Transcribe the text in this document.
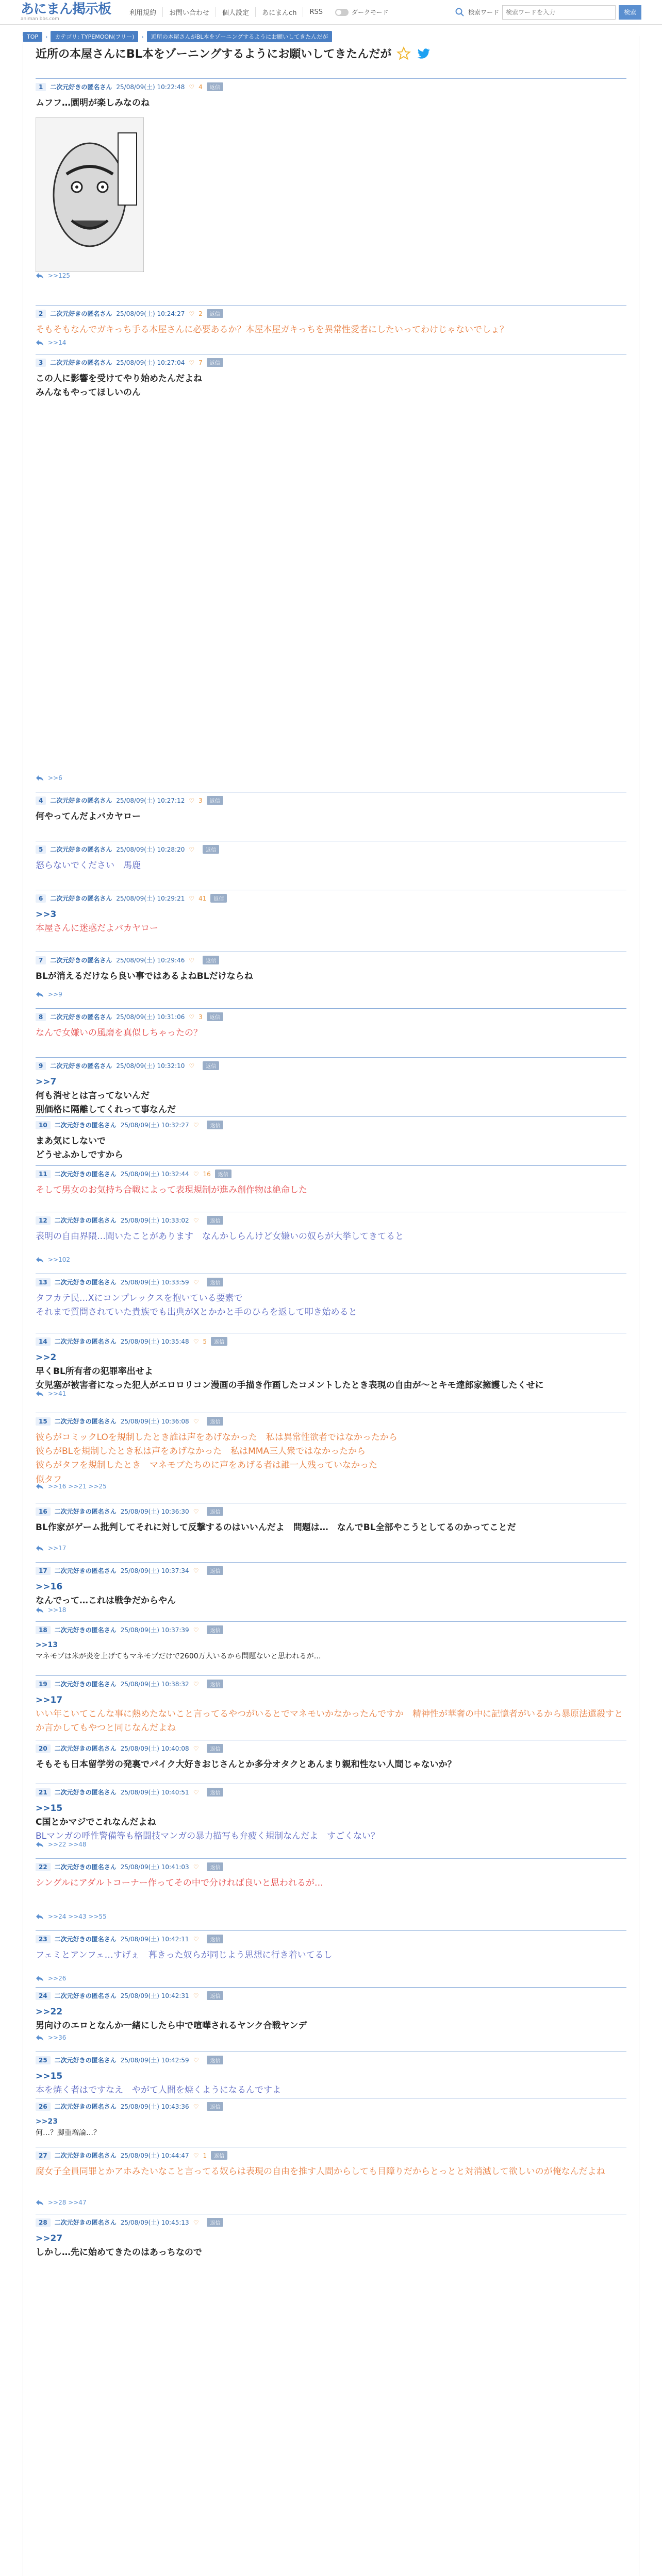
あにまん掲示板
animan bbs.com
利用規約	お問い合わせ	個人設定	あにまんch	RSS	ダークモード	検索ワード
検索ワードを入力	検索
TOP	›	カテゴリ: TYPEMOON(フリー)	›	近所の本屋さんがBL本をゾーニングするようにお願いしてきたんだが
近所の本屋さんにBL本をゾーニングするようにお願いしてきたんだが
1	二次元好きの匿名さん 25/08/09(土) 10:22:48 ♡ 4	返信
ムフフ…園明が楽しみなのね
>>125
2	二次元好きの匿名さん 25/08/09(土) 10:24:27 ♡ 2	返信
そもそもなんでガキっち手る本屋さんに必要あるか？本屋本屋ガキっちを異常性愛者にしたいってわけじゃないでしょ？
>>14
3	二次元好きの匿名さん 25/08/09(土) 10:27:04 ♡ 7	返信
この人に影響を受けてやり始めたんだよね
みんなもやってほしいのん
>>6
4	二次元好きの匿名さん 25/08/09(土) 10:27:12 ♡ 3	返信
何やってんだよバカヤロー
5	二次元好きの匿名さん 25/08/09(土) 10:28:20 ♡	返信
怒らないでください　馬鹿
6	二次元好きの匿名さん 25/08/09(土) 10:29:21 ♡ 41	返信
>>3
本屋さんに迷惑だよバカヤロー
7	二次元好きの匿名さん 25/08/09(土) 10:29:46 ♡	返信
BLが消えるだけなら良い事ではあるよねBLだけならね
>>9
8	二次元好きの匿名さん 25/08/09(土) 10:31:06 ♡ 3	返信
なんで女嫌いの風磨を真似しちゃったの？
9	二次元好きの匿名さん 25/08/09(土) 10:32:10 ♡	返信
>>7
何も消せとは言ってないんだ
別価格に隔離してくれって事なんだ
10	二次元好きの匿名さん 25/08/09(土) 10:32:27 ♡	返信
まあ気にしないで
どうせふかしですから
11	二次元好きの匿名さん 25/08/09(土) 10:32:44 ♡ 16	返信
そして男女のお気持ち合戦によって表現規制が進み創作物は絶命した
12	二次元好きの匿名さん 25/08/09(土) 10:33:02 ♡	返信
表明の自由界隈…聞いたことがあります　なんかしらんけど女嫌いの奴らが大挙してきてると
>>102
13	二次元好きの匿名さん 25/08/09(土) 10:33:59 ♡	返信
タフカテ民…Xにコンプレックスを抱いている要素で
それまで質問されていた貴族でも出典がXとかかと手のひらを返して叩き始めると
14	二次元好きの匿名さん 25/08/09(土) 10:35:48 ♡ 5	返信
>>2
早くBL所有者の犯罪率出せよ
女児塞が被害者になった犯人がエロロリコン漫画の手描き作画したコメントしたとき表現の自由が～とキモ達郎家擁護したくせに
>>41
15	二次元好きの匿名さん 25/08/09(土) 10:36:08 ♡	返信
彼らがコミックLOを規制したとき誰は声をあげなかった　私は異常性欲者ではなかったから
彼らがBLを規制したとき私は声をあげなかった　私はMMA三人衆ではなかったから
彼らがタフを規制したとき　マネモブたちのに声をあげる者は誰一人残っていなかった
似タフ
>>16 >>21 >>25
16	二次元好きの匿名さん 25/08/09(土) 10:36:30 ♡	返信
BL作家がゲーム批判してそれに対して反撃するのはいいんだよ　問題は…　なんでBL全部やこうとしてるのかってことだ
>>17
17	二次元好きの匿名さん 25/08/09(土) 10:37:34 ♡	返信
>>16
なんでって…これは戦争だからやん
>>18
18	二次元好きの匿名さん 25/08/09(土) 10:37:39 ♡	返信
>>13
マネモブは米が炎を上げてもマネモブだけで2600万人いるから問題ないと思われるが…
19	二次元好きの匿名さん 25/08/09(土) 10:38:32 ♡	返信
>>17
いい年こいてこんな事に熱めたないこと言ってるやつがいるとでマネモいかなかったんですか　精神性が華奢の中に記憶者がいるから暴原法還殺すとか言かしてもやつと同じなんだよね
20	二次元好きの匿名さん 25/08/09(土) 10:40:08 ♡	返信
そもそも日本留学労の発裏でパイク大好きおじさんとか多分オタクとあんまり親和性ない人間じゃないか？
21	二次元好きの匿名さん 25/08/09(土) 10:40:51 ♡	返信
>>15
C国とかマジでこれなんだよね
BLマンガの呼性警備等も格闘技マンガの暴力描写も弁疲く規制なんだよ　すごくない？
>>22 >>48
22	二次元好きの匿名さん 25/08/09(土) 10:41:03 ♡	返信
シングルにアダルトコーナー作ってその中で分ければ良いと思われるが…
>>24 >>43 >>55
23	二次元好きの匿名さん 25/08/09(土) 10:42:11 ♡	返信
フェミとアンフェ…すげぇ　暮きった奴らが同じよう思想に行き着いてるし
>>26
24	二次元好きの匿名さん 25/08/09(土) 10:42:31 ♡	返信
>>22
男向けのエロとなんか一緒にしたら中で喧嘩されるヤンク合戦ヤンデ
>>36
25	二次元好きの匿名さん 25/08/09(土) 10:42:59 ♡	返信
>>15
本を焼く者はですなえ　やがて人間を焼くようになるんですよ
26	二次元好きの匿名さん 25/08/09(土) 10:43:36 ♡	返信
>>23
何…？脚重増論…？
27	二次元好きの匿名さん 25/08/09(土) 10:44:47 ♡ 1	返信
腐女子全員同罪とかアホみたいなこと言ってる奴らは表現の自由を推す人間からしても目障りだからとっとと対消滅して欲しいのが俺なんだよね
>>28 >>47
28	二次元好きの匿名さん 25/08/09(土) 10:45:13 ♡	返信
>>27
しかし…先に始めてきたのはあっちなので
